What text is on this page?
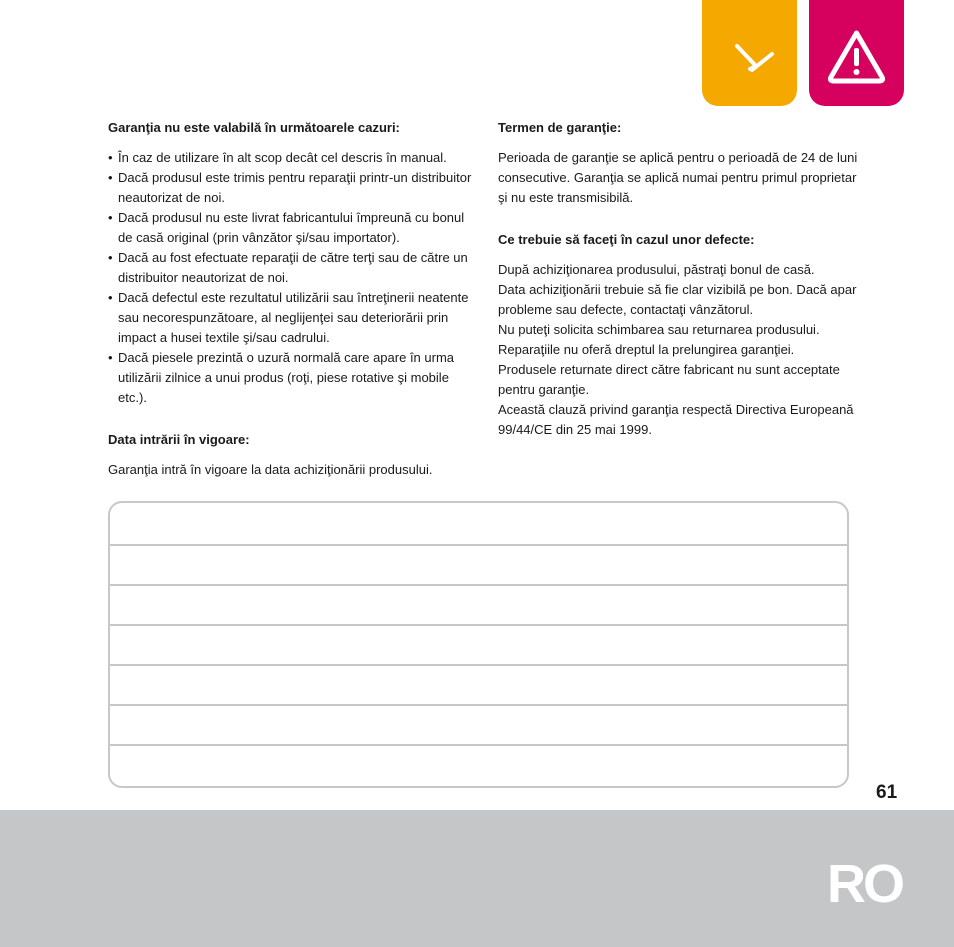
Garanţia nu este valabilă în următoarele cazuri:

• În caz de utilizare în alt scop decât cel descris în manual.
• Dacă produsul este trimis pentru reparaţii printr-un distribuitor neautorizat de noi.
• Dacă produsul nu este livrat fabricantului împreună cu bonul de casă original (prin vânzător şi/sau importator).
• Dacă au fost efectuate reparaţii de către terţi sau de către un distribuitor neautorizat de noi.
• Dacă defectul este rezultatul utilizării sau întreţinerii neatente sau necorespunzătoare, al neglijenţei sau deteriorării prin impact a husei textile şi/sau cadrului.
• Dacă piesele prezintă o uzură normală care apare în urma utilizării zilnice a unui produs (roţi, piese rotative şi mobile etc.).

Data intrării în vigoare:

Garanţia intră în vigoare la data achiziţionării produsului.

Termen de garanţie:

Perioada de garanţie se aplică pentru o perioadă de 24 de luni consecutive. Garanţia se aplică numai pentru primul proprietar şi nu este transmisibilă.

Ce trebuie să faceţi în cazul unor defecte:

După achiziţionarea produsului, păstraţi bonul de casă.

Data achiziţionării trebuie să fie clar vizibilă pe bon. Dacă apar probleme sau defecte, contactaţi vânzătorul.

Nu puteţi solicita schimbarea sau returnarea produsului.

Reparaţiile nu oferă dreptul la prelungirea garanţiei.

Produsele returnate direct către fabricant nu sunt acceptate pentru garanţie.

Această clauză privind garanţia respectă Directiva Europeană 99/44/CE din 25 mai 1999.

61
RO
